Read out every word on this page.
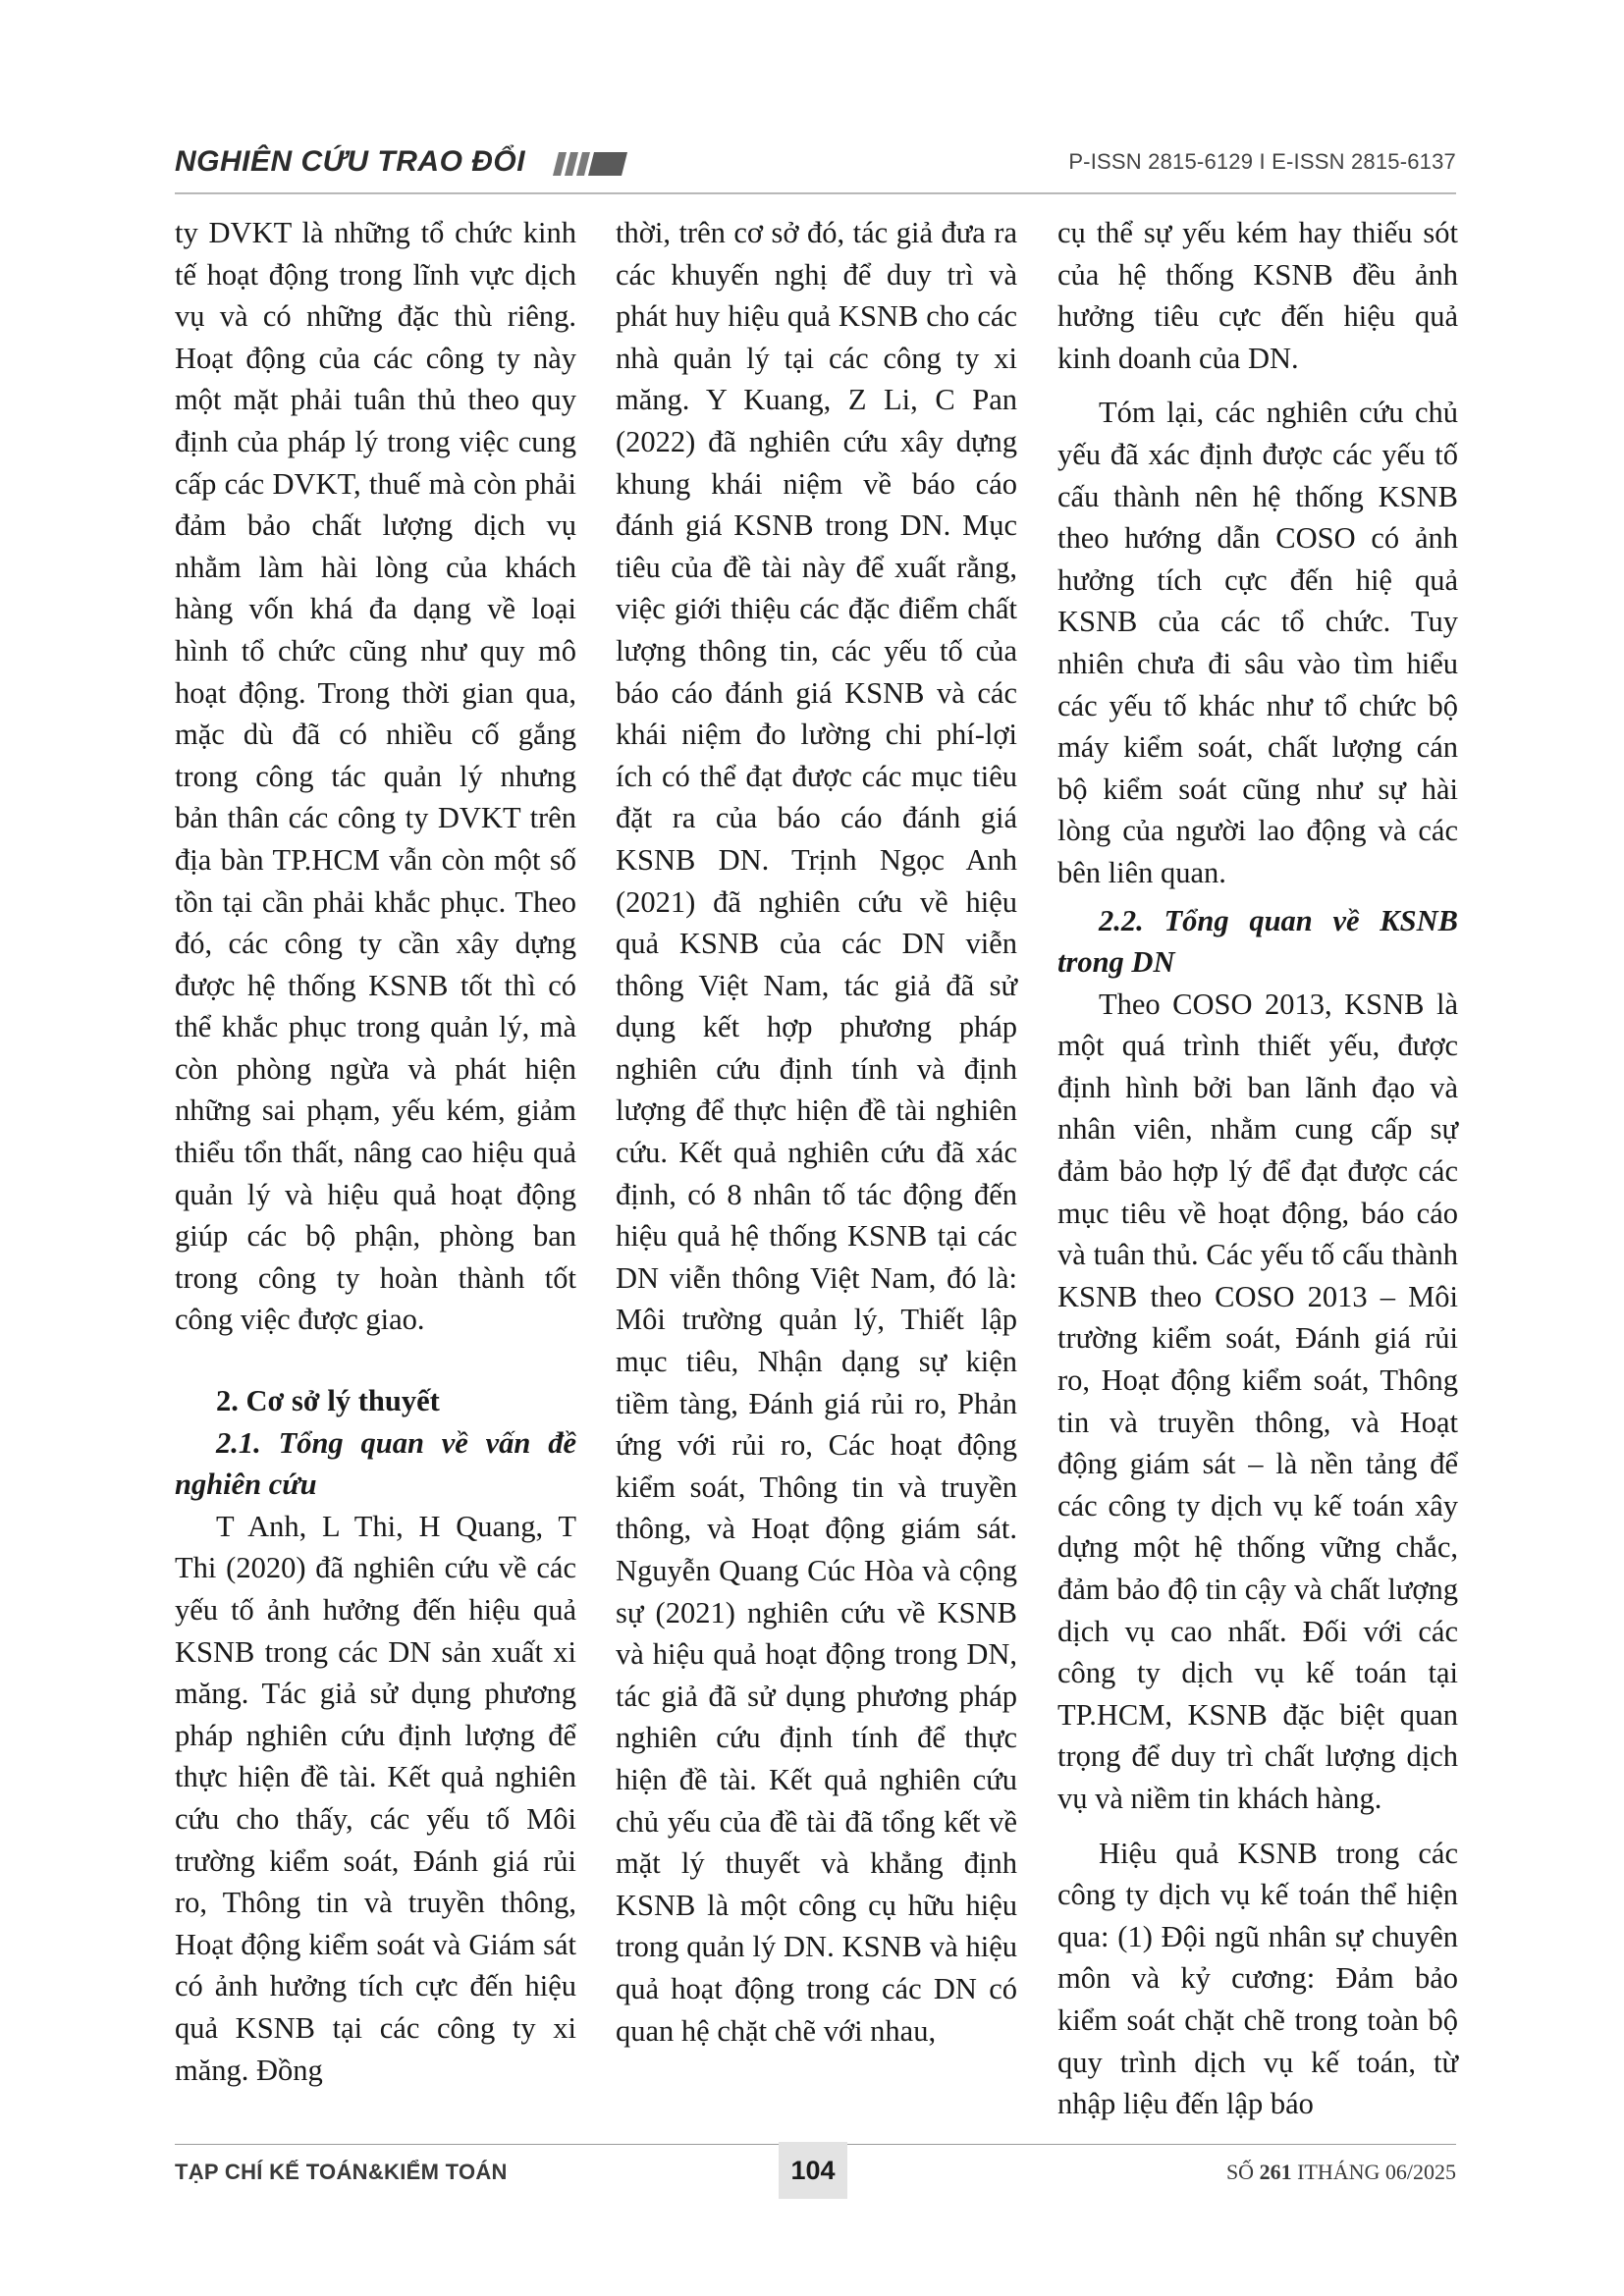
NGHIÊN CỨU TRAO ĐỔI	P-ISSN 2815-6129 I E-ISSN 2815-6137

ty DVKT là những tổ chức kinh tế hoạt động trong lĩnh vực dịch vụ và có những đặc thù riêng. Hoạt động của các công ty này một mặt phải tuân thủ theo quy định của pháp lý trong việc cung cấp các DVKT, thuế mà còn phải đảm bảo chất lượng dịch vụ nhằm làm hài lòng của khách hàng vốn khá đa dạng về loại hình tổ chức cũng như quy mô hoạt động. Trong thời gian qua, mặc dù đã có nhiều cố gắng trong công tác quản lý nhưng bản thân các công ty DVKT trên địa bàn TP.HCM vẫn còn một số tồn tại cần phải khắc phục. Theo đó, các công ty cần xây dựng được hệ thống KSNB tốt thì có thể khắc phục trong quản lý, mà còn phòng ngừa và phát hiện những sai phạm, yếu kém, giảm thiểu tổn thất, nâng cao hiệu quả quản lý và hiệu quả hoạt động giúp các bộ phận, phòng ban trong công ty hoàn thành tốt công việc được giao.

2. Cơ sở lý thuyết

2.1. Tổng quan về vấn đề nghiên cứu

T Anh, L Thi, H Quang, T Thi (2020) đã nghiên cứu về các yếu tố ảnh hưởng đến hiệu quả KSNB trong các DN sản xuất xi măng. Tác giả sử dụng phương pháp nghiên cứu định lượng để thực hiện đề tài. Kết quả nghiên cứu cho thấy, các yếu tố Môi trường kiểm soát, Đánh giá rủi ro, Thông tin và truyền thông, Hoạt động kiểm soát và Giám sát có ảnh hưởng tích cực đến hiệu quả KSNB tại các công ty xi măng. Đồng

thời, trên cơ sở đó, tác giả đưa ra các khuyến nghị để duy trì và phát huy hiệu quả KSNB cho các nhà quản lý tại các công ty xi măng. Y Kuang, Z Li, C Pan (2022) đã nghiên cứu xây dựng khung khái niệm về báo cáo đánh giá KSNB trong DN. Mục tiêu của đề tài này để xuất rằng, việc giới thiệu các đặc điểm chất lượng thông tin, các yếu tố của báo cáo đánh giá KSNB và các khái niệm đo lường chi phí-lợi ích có thể đạt được các mục tiêu đặt ra của báo cáo đánh giá KSNB DN. Trịnh Ngọc Anh (2021) đã nghiên cứu về hiệu quả KSNB của các DN viễn thông Việt Nam, tác giả đã sử dụng kết hợp phương pháp nghiên cứu định tính và định lượng để thực hiện đề tài nghiên cứu. Kết quả nghiên cứu đã xác định, có 8 nhân tố tác động đến hiệu quả hệ thống KSNB tại các DN viễn thông Việt Nam, đó là: Môi trường quản lý, Thiết lập mục tiêu, Nhận dạng sự kiện tiềm tàng, Đánh giá rủi ro, Phản ứng với rủi ro, Các hoạt động kiểm soát, Thông tin và truyền thông, và Hoạt động giám sát. Nguyễn Quang Cúc Hòa và cộng sự (2021) nghiên cứu về KSNB và hiệu quả hoạt động trong DN, tác giả đã sử dụng phương pháp nghiên cứu định tính để thực hiện đề tài. Kết quả nghiên cứu chủ yếu của đề tài đã tổng kết về mặt lý thuyết và khẳng định KSNB là một công cụ hữu hiệu trong quản lý DN. KSNB và hiệu quả hoạt động trong các DN có quan hệ chặt chẽ với nhau,

cụ thể sự yếu kém hay thiếu sót của hệ thống KSNB đều ảnh hưởng tiêu cực đến hiệu quả kinh doanh của DN.

Tóm lại, các nghiên cứu chủ yếu đã xác định được các yếu tố cấu thành nên hệ thống KSNB theo hướng dẫn COSO có ảnh hưởng tích cực đến hiệ quả KSNB của các tổ chức. Tuy nhiên chưa đi sâu vào tìm hiểu các yếu tố khác như tổ chức bộ máy kiểm soát, chất lượng cán bộ kiểm soát cũng như sự hài lòng của người lao động và các bên liên quan.

2.2. Tổng quan về KSNB trong DN

Theo COSO 2013, KSNB là một quá trình thiết yếu, được định hình bởi ban lãnh đạo và nhân viên, nhằm cung cấp sự đảm bảo hợp lý để đạt được các mục tiêu về hoạt động, báo cáo và tuân thủ. Các yếu tố cấu thành KSNB theo COSO 2013 – Môi trường kiểm soát, Đánh giá rủi ro, Hoạt động kiểm soát, Thông tin và truyền thông, và Hoạt động giám sát – là nền tảng để các công ty dịch vụ kế toán xây dựng một hệ thống vững chắc, đảm bảo độ tin cậy và chất lượng dịch vụ cao nhất. Đối với các công ty dịch vụ kế toán tại TP.HCM, KSNB đặc biệt quan trọng để duy trì chất lượng dịch vụ và niềm tin khách hàng.

Hiệu quả KSNB trong các công ty dịch vụ kế toán thể hiện qua: (1) Đội ngũ nhân sự chuyên môn và kỷ cương: Đảm bảo kiểm soát chặt chẽ trong toàn bộ quy trình dịch vụ kế toán, từ nhập liệu đến lập báo

TẠP CHÍ KẾ TOÁN&KIỂM TOÁN	104	SỐ 261 ITHÁNG 06/2025
